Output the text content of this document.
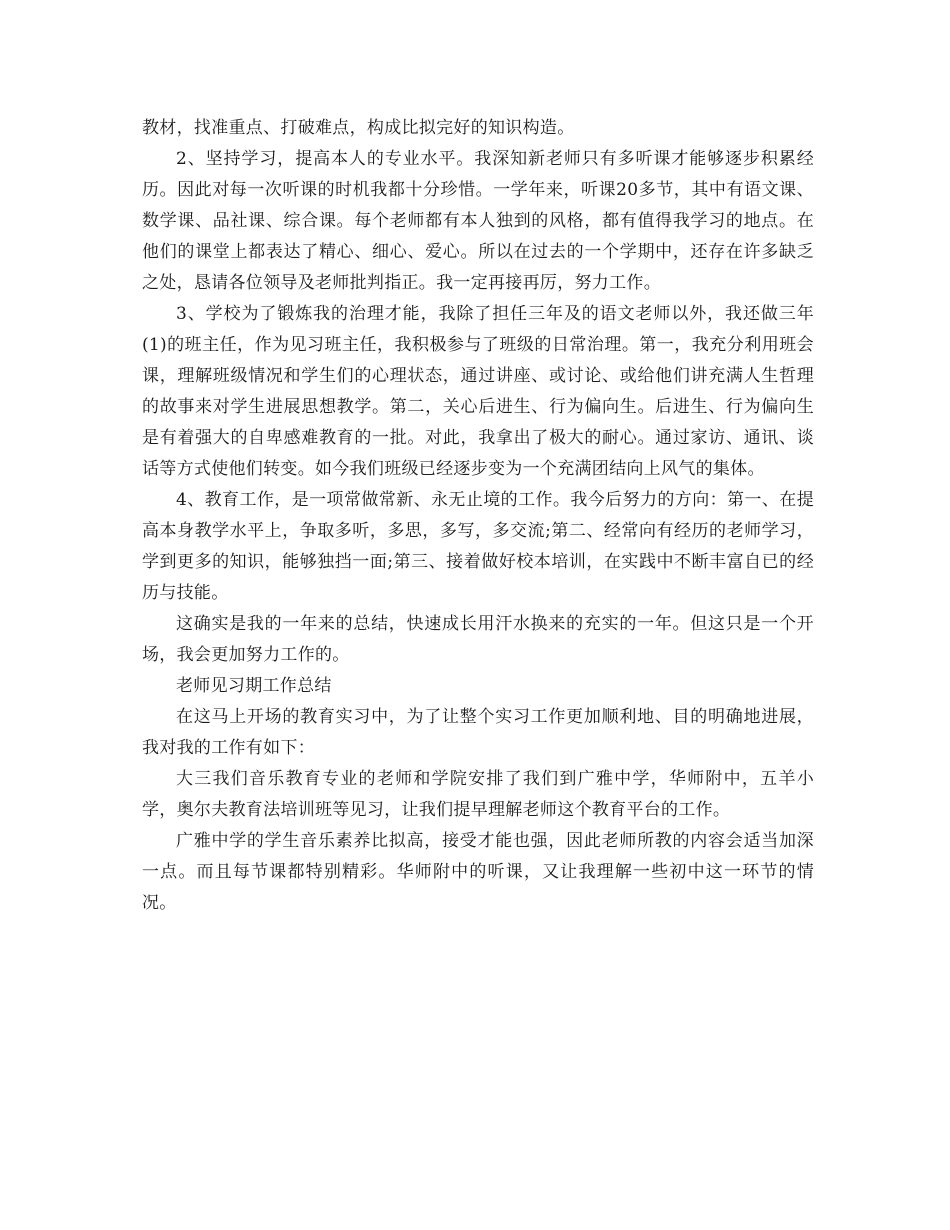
教材，找准重点、打破难点，构成比拟完好的知识构造。

2、坚持学习，提高本人的专业水平。我深知新老师只有多听课才能够逐步积累经历。因此对每一次听课的时机我都十分珍惜。一学年来，听课20多节，其中有语文课、数学课、品社课、综合课。每个老师都有本人独到的风格，都有值得我学习的地点。在他们的课堂上都表达了精心、细心、爱心。所以在过去的一个学期中，还存在许多缺乏之处，恳请各位领导及老师批判指正。我一定再接再厉，努力工作。

3、学校为了锻炼我的治理才能，我除了担任三年及的语文老师以外，我还做三年(1)的班主任，作为见习班主任，我积极参与了班级的日常治理。第一，我充分利用班会课，理解班级情况和学生们的心理状态，通过讲座、或讨论、或给他们讲充满人生哲理的故事来对学生进展思想教学。第二，关心后进生、行为偏向生。后进生、行为偏向生是有着强大的自卑感难教育的一批。对此，我拿出了极大的耐心。通过家访、通讯、谈话等方式使他们转变。如今我们班级已经逐步变为一个充满团结向上风气的集体。

4、教育工作，是一项常做常新、永无止境的工作。我今后努力的方向：第一、在提高本身教学水平上，争取多听，多思，多写，多交流;第二、经常向有经历的老师学习，学到更多的知识，能够独挡一面;第三、接着做好校本培训，在实践中不断丰富自已的经历与技能。

这确实是我的一年来的总结，快速成长用汗水换来的充实的一年。但这只是一个开场，我会更加努力工作的。

老师见习期工作总结

在这马上开场的教育实习中，为了让整个实习工作更加顺利地、目的明确地进展，我对我的工作有如下：

大三我们音乐教育专业的老师和学院安排了我们到广雅中学，华师附中，五羊小学，奥尔夫教育法培训班等见习，让我们提早理解老师这个教育平台的工作。

广雅中学的学生音乐素养比拟高，接受才能也强，因此老师所教的内容会适当加深一点。而且每节课都特别精彩。华师附中的听课，又让我理解一些初中这一环节的情况。
